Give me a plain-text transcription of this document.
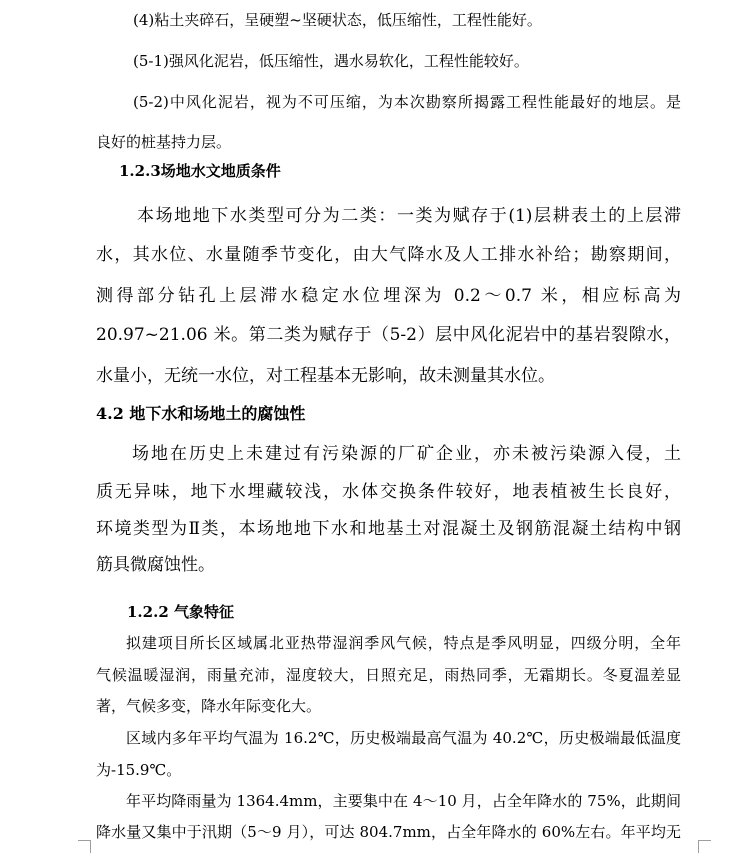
(4)粘土夹碎石，呈硬塑~坚硬状态，低压缩性，工程性能好。

(5-1)强风化泥岩，低压缩性，遇水易软化，工程性能较好。

(5-2)中风化泥岩，视为不可压缩，为本次勘察所揭露工程性能最好的地层。是

良好的桩基持力层。

1.2.3场地水文地质条件

本场地地下水类型可分为二类：一类为赋存于(1)层耕表土的上层滞

水，其水位、水量随季节变化，由大气降水及人工排水补给；勘察期间，

测得部分钻孔上层滞水稳定水位埋深为 0.2～0.7 米，相应标高为

20.97~21.06 米。第二类为赋存于（5-2）层中风化泥岩中的基岩裂隙水，

水量小，无统一水位，对工程基本无影响，故未测量其水位。

4.2 地下水和场地土的腐蚀性

场地在历史上未建过有污染源的厂矿企业，亦未被污染源入侵，土

质无异味，地下水埋藏较浅，水体交换条件较好，地表植被生长良好，

环境类型为Ⅱ类，本场地地下水和地基土对混凝土及钢筋混凝土结构中钢

筋具微腐蚀性。

1.2.2 气象特征

拟建项目所长区域属北亚热带湿润季风气候，特点是季风明显，四级分明，全年

气候温暖湿润，雨量充沛，湿度较大，日照充足，雨热同季，无霜期长。冬夏温差显

著，气候多变，降水年际变化大。

区域内多年平均气温为 16.2℃，历史极端最高气温为 40.2℃，历史极端最低温度

为-15.9℃。

年平均降雨量为 1364.4mm，主要集中在 4～10 月，占全年降水的 75%，此期间

降水量又集中于汛期（5～9 月），可达 804.7mm，占全年降水的 60%左右。年平均无
